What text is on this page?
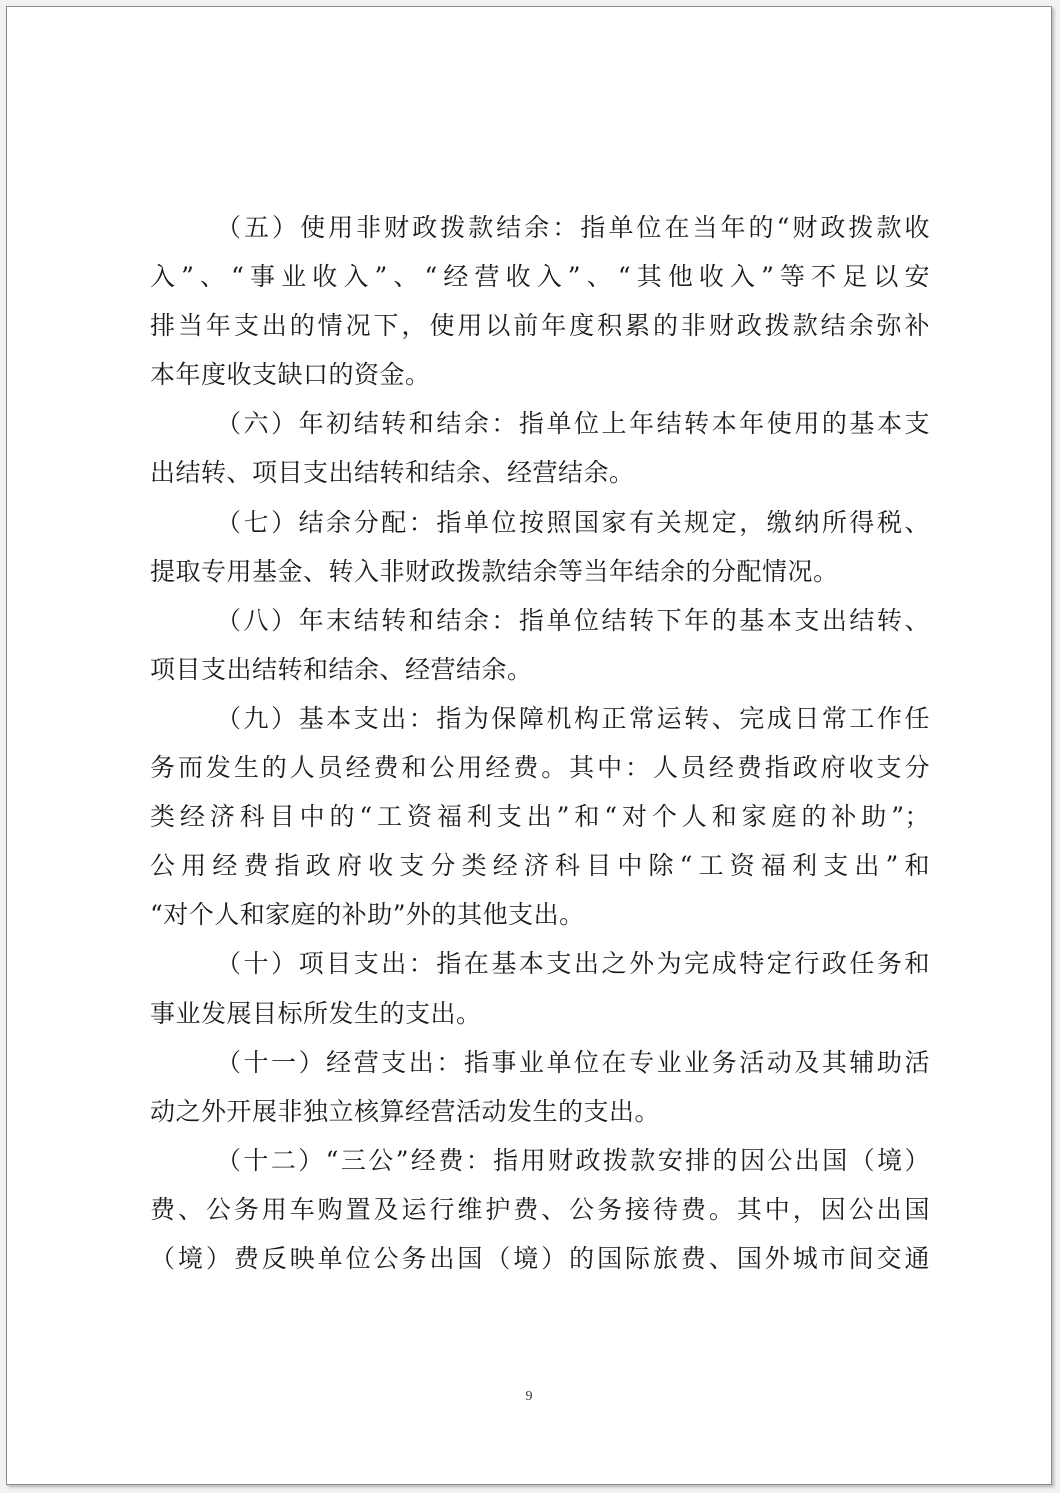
（五）使用非财政拨款结余：指单位在当年的“财政拨款收
入”、“事业收入”、“经营收入”、“其他收入”等不足以安
排当年支出的情况下，使用以前年度积累的非财政拨款结余弥补
本年度收支缺口的资金。
（六）年初结转和结余：指单位上年结转本年使用的基本支
出结转、项目支出结转和结余、经营结余。
（七）结余分配：指单位按照国家有关规定，缴纳所得税、
提取专用基金、转入非财政拨款结余等当年结余的分配情况。
（八）年末结转和结余：指单位结转下年的基本支出结转、
项目支出结转和结余、经营结余。
（九）基本支出：指为保障机构正常运转、完成日常工作任
务而发生的人员经费和公用经费。其中：人员经费指政府收支分
类经济科目中的“工资福利支出”和“对个人和家庭的补助”；
公用经费指政府收支分类经济科目中除“工资福利支出”和
“对个人和家庭的补助”外的其他支出。
（十）项目支出：指在基本支出之外为完成特定行政任务和
事业发展目标所发生的支出。
（十一）经营支出：指事业单位在专业业务活动及其辅助活
动之外开展非独立核算经营活动发生的支出。
（十二）“三公”经费：指用财政拨款安排的因公出国（境）
费、公务用车购置及运行维护费、公务接待费。其中，因公出国
（境）费反映单位公务出国（境）的国际旅费、国外城市间交通
9
